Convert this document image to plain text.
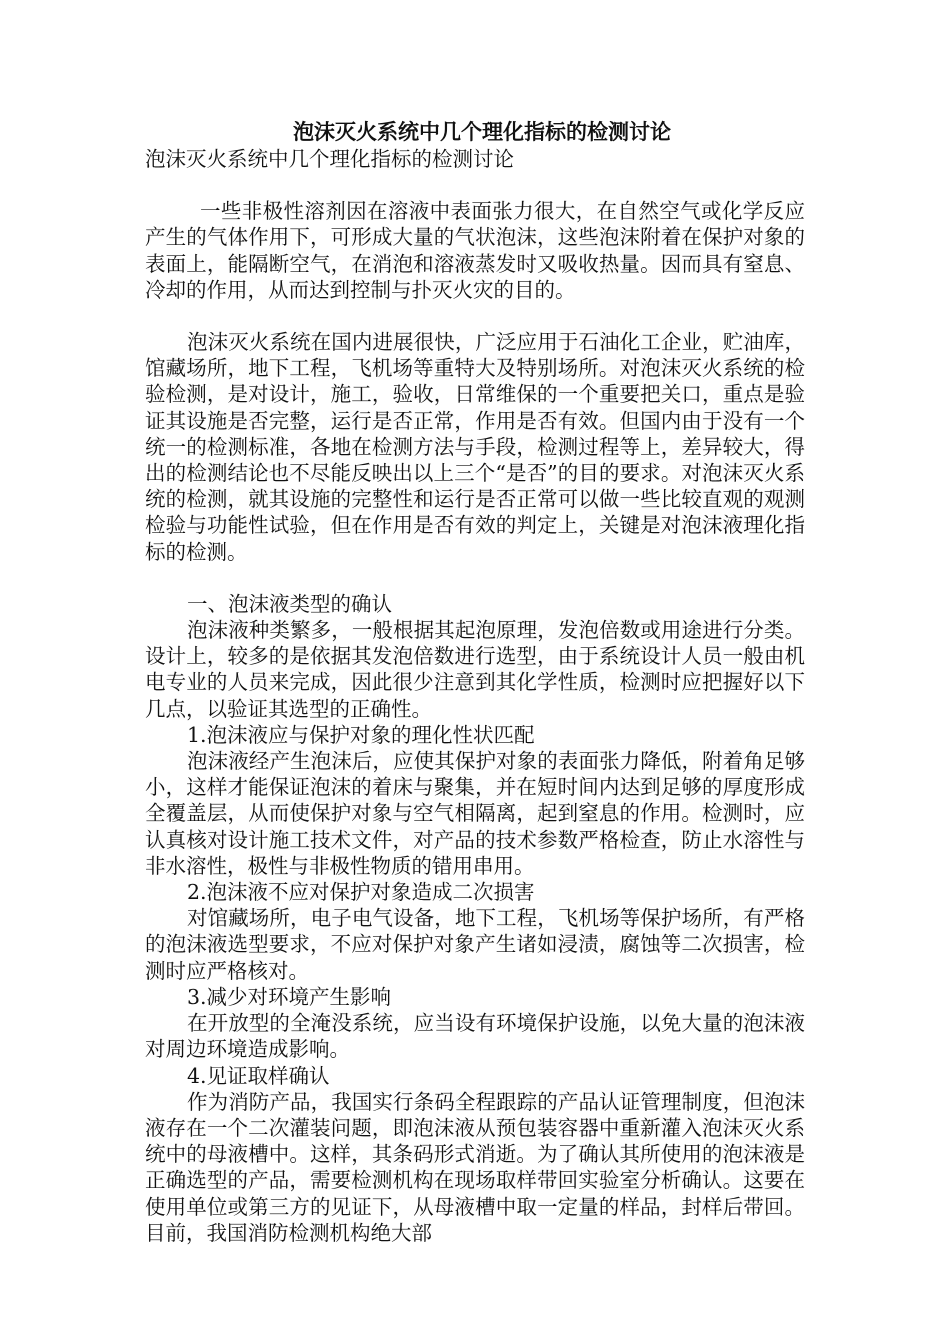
泡沫灭火系统中几个理化指标的检测讨论
泡沫灭火系统中几个理化指标的检测讨论

一些非极性溶剂因在溶液中表面张力很大，在自然空气或化学反应产生的气体作用下，可形成大量的气状泡沫，这些泡沫附着在保护对象的表面上，能隔断空气，在消泡和溶液蒸发时又吸收热量。因而具有窒息、冷却的作用，从而达到控制与扑灭火灾的目的。

泡沫灭火系统在国内进展很快，广泛应用于石油化工企业，贮油库，馆藏场所，地下工程，飞机场等重特大及特别场所。对泡沫灭火系统的检验检测，是对设计，施工，验收，日常维保的一个重要把关口，重点是验证其设施是否完整，运行是否正常，作用是否有效。但国内由于没有一个统一的检测标准，各地在检测方法与手段，检测过程等上，差异较大，得出的检测结论也不尽能反映出以上三个“是否”的目的要求。对泡沫灭火系统的检测，就其设施的完整性和运行是否正常可以做一些比较直观的观测检验与功能性试验，但在作用是否有效的判定上，关键是对泡沫液理化指标的检测。

一、泡沫液类型的确认

泡沫液种类繁多，一般根据其起泡原理，发泡倍数或用途进行分类。设计上，较多的是依据其发泡倍数进行选型，由于系统设计人员一般由机电专业的人员来完成，因此很少注意到其化学性质，检测时应把握好以下几点，以验证其选型的正确性。

1.泡沫液应与保护对象的理化性状匹配

泡沫液经产生泡沫后，应使其保护对象的表面张力降低，附着角足够小，这样才能保证泡沫的着床与聚集，并在短时间内达到足够的厚度形成全覆盖层，从而使保护对象与空气相隔离，起到窒息的作用。检测时，应认真核对设计施工技术文件，对产品的技术参数严格检查，防止水溶性与非水溶性，极性与非极性物质的错用串用。

2.泡沫液不应对保护对象造成二次损害

对馆藏场所，电子电气设备，地下工程，飞机场等保护场所，有严格的泡沫液选型要求，不应对保护对象产生诸如浸渍，腐蚀等二次损害，检测时应严格核对。

3.减少对环境产生影响

在开放型的全淹没系统，应当设有环境保护设施，以免大量的泡沫液对周边环境造成影响。

4.见证取样确认

作为消防产品，我国实行条码全程跟踪的产品认证管理制度，但泡沫液存在一个二次灌装问题，即泡沫液从预包装容器中重新灌入泡沫灭火系统中的母液槽中。这样，其条码形式消逝。为了确认其所使用的泡沫液是正确选型的产品，需要检测机构在现场取样带回实验室分析确认。这要在使用单位或第三方的见证下，从母液槽中取一定量的样品，封样后带回。目前，我国消防检测机构绝大部
